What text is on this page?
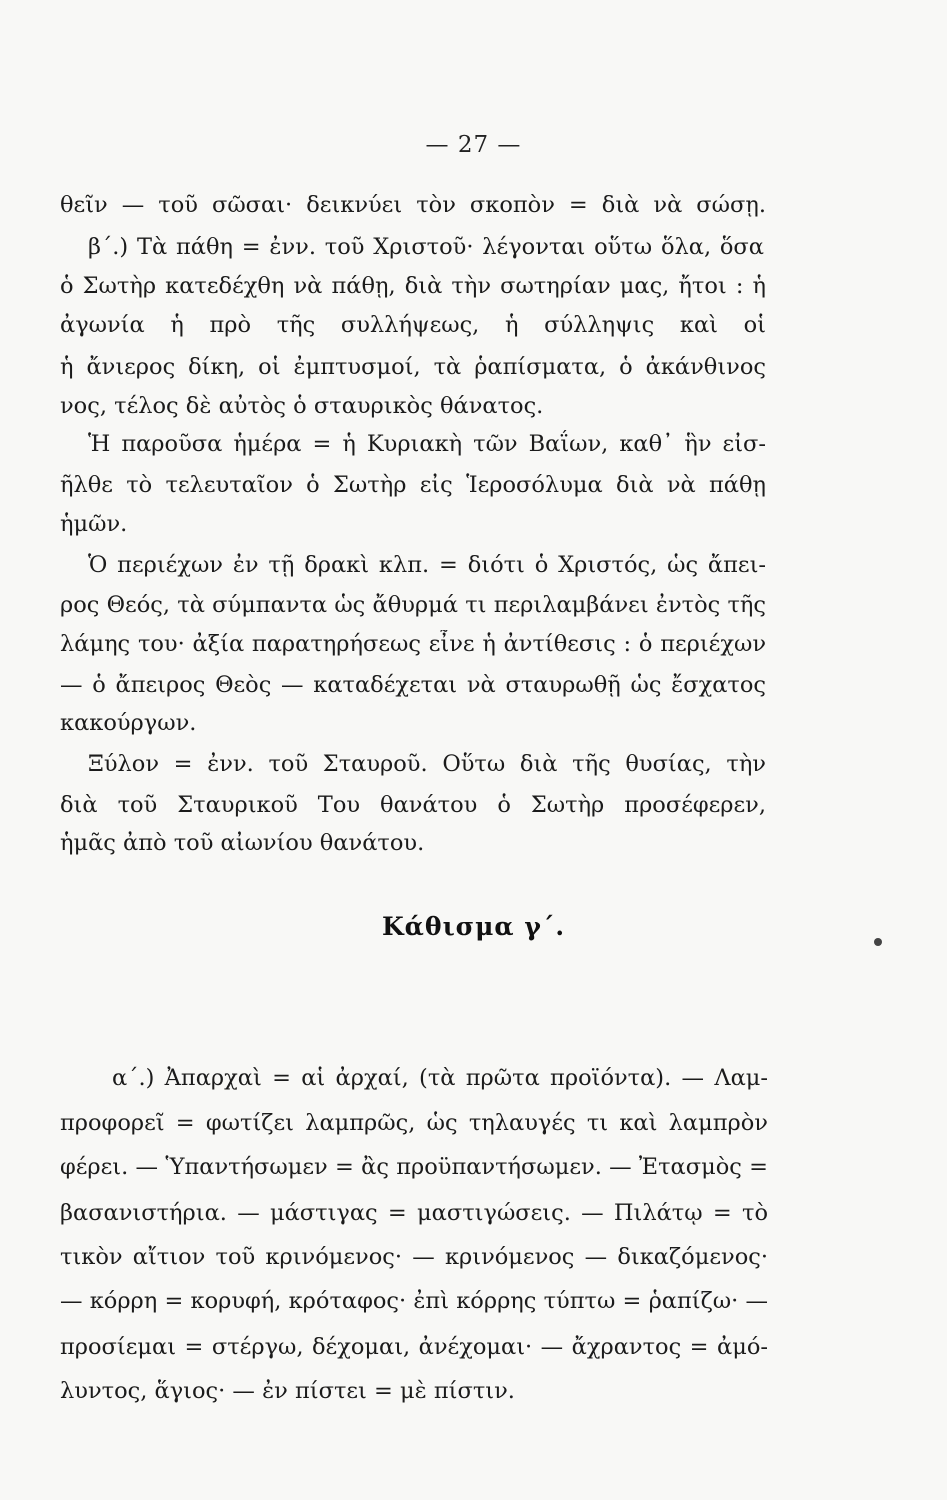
— 27 —
θεῖν — τοῦ σῶσαι· δεικνύει τὸν σκοπὸν = διὰ νὰ σώσῃ.
β΄.) Τὰ πάθη = ἐνν. τοῦ Χριστοῦ· λέγονται οὕτω ὅλα, ὅσα
ὁ Σωτὴρ κατεδέχθη νὰ πάθῃ, διὰ τὴν σωτηρίαν μας, ἤτοι : ἡ
ἀγωνία ἡ πρὸ τῆς συλλήψεως, ἡ σύλληψις καὶ οἱ
ἡ ἄνιερος δίκη, οἱ ἐμπτυσμοί, τὰ ῥαπίσματα, ὁ ἀκάνθινος
νος, τέλος δὲ αὐτὸς ὁ σταυρικὸς θάνατος.
Ἡ παροῦσα ἡμέρα = ἡ Κυριακὴ τῶν Βαΐων, καθ᾿ ἣν εἰσ-
ῆλθε τὸ τελευταῖον ὁ Σωτὴρ εἰς Ἱεροσόλυμα διὰ νὰ πάθῃ
ἡμῶν.
Ὁ περιέχων ἐν τῇ δρακὶ κλπ. = διότι ὁ Χριστός, ὡς ἄπει-
ρος Θεός, τὰ σύμπαντα ὡς ἄθυρμά τι περιλαμβάνει ἐντὸς τῆς
λάμης του· ἀξία παρατηρήσεως εἶνε ἡ ἀντίθεσις : ὁ περιέχων
— ὁ ἄπειρος Θεὸς — καταδέχεται νὰ σταυρωθῇ ὡς ἔσχατος
κακούργων.
Ξύλον = ἐνν. τοῦ Σταυροῦ. Οὕτω διὰ τῆς θυσίας, τὴν
διὰ τοῦ Σταυρικοῦ Του θανάτου ὁ Σωτὴρ προσέφερεν,
ἡμᾶς ἀπὸ τοῦ αἰωνίου θανάτου.
Κάθισμα γ΄.
α΄.) Ἀπαρχαὶ = αἱ ἀρχαί, (τὰ πρῶτα προϊόντα). — Λαμ-
προφορεῖ = φωτίζει λαμπρῶς, ὡς τηλαυγές τι καὶ λαμπρὸν
φέρει. — Ὑπαντήσωμεν = ἂς προϋπαντήσωμεν. — Ἐτασμὸς =
βασανιστήρια. — μάστιγας = μαστιγώσεις. — Πιλάτῳ = τὸ
τικὸν αἴτιον τοῦ κρινόμενος· — κρινόμενος — δικαζόμενος·
— κόρρη = κορυφή, κρόταφος· ἐπὶ κόρρης τύπτω = ῥαπίζω· —
προσίεμαι = στέργω, δέχομαι, ἀνέχομαι· — ἄχραντος = ἀμό-
λυντος, ἅγιος· — ἐν πίστει = μὲ πίστιν.
